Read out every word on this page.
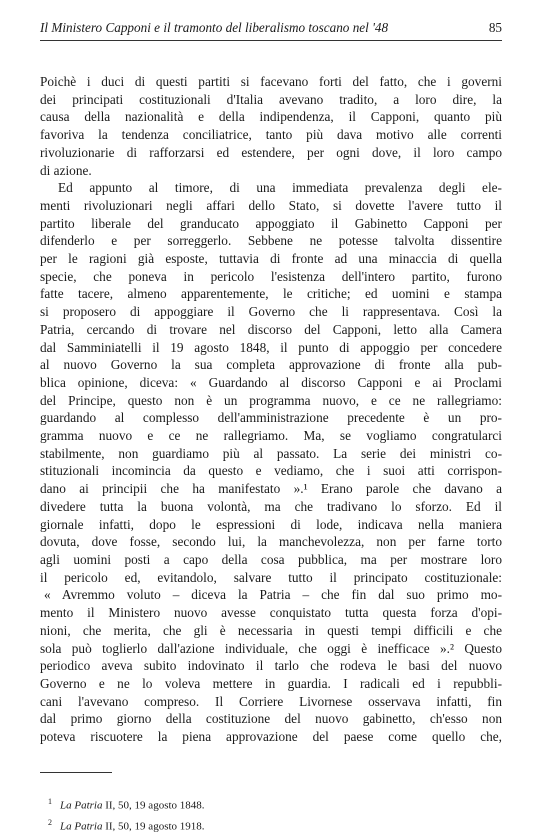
Il Ministero Capponi e il tramonto del liberalismo toscano nel '48	85
Poichè i duci di questi partiti si facevano forti del fatto, che i governi
dei principati costituzionali d'Italia avevano tradito, a loro dire, la
causa della nazionalità e della indipendenza, il Capponi, quanto più
favoriva la tendenza conciliatrice, tanto più dava motivo alle correnti
rivoluzionarie di rafforzarsi ed estendere, per ogni dove, il loro campo
di azione.
Ed appunto al timore, di una immediata prevalenza degli ele-
menti rivoluzionari negli affari dello Stato, si dovette l'avere tutto il
partito liberale del granducato appoggiato il Gabinetto Capponi per
difenderlo e per sorreggerlo. Sebbene ne potesse talvolta dissentire
per le ragioni già esposte, tuttavia di fronte ad una minaccia di quella
specie, che poneva in pericolo l'esistenza dell'intero partito, furono
fatte tacere, almeno apparentemente, le critiche; ed uomini e stampa
si proposero di appoggiare il Governo che li rappresentava. Così la
Patria, cercando di trovare nel discorso del Capponi, letto alla Camera
dal Samminiatelli il 19 agosto 1848, il punto di appoggio per concedere
al nuovo Governo la sua completa approvazione di fronte alla pub-
blica opinione, diceva: « Guardando al discorso Capponi e ai Proclami
del Principe, questo non è un programma nuovo, e ce ne rallegriamo:
guardando al complesso dell'amministrazione precedente è un pro-
gramma nuovo e ce ne rallegriamo. Ma, se vogliamo congratularci
stabilmente, non guardiamo più al passato. La serie dei ministri co-
stituzionali incomincia da questo e vediamo, che i suoi atti corrispon-
dano ai principii che ha manifestato ».¹ Erano parole che davano a
divedere tutta la buona volontà, ma che tradivano lo sforzo. Ed il
giornale infatti, dopo le espressioni di lode, indicava nella maniera
dovuta, dove fosse, secondo lui, la manchevolezza, non per farne torto
agli uomini posti a capo della cosa pubblica, ma per mostrare loro
il pericolo ed, evitandolo, salvare tutto il principato costituzionale:
« Avremmo voluto – diceva la Patria – che fin dal suo primo mo-
mento il Ministero nuovo avesse conquistato tutta questa forza d'opi-
nioni, che merita, che gli è necessaria in questi tempi difficili e che
sola può toglierlo dall'azione individuale, che oggi è inefficace ».² Questo
periodico aveva subito indovinato il tarlo che rodeva le basi del nuovo
Governo e ne lo voleva mettere in guardia. I radicali ed i repubbli-
cani l'avevano compreso. Il Corriere Livornese osservava infatti, fin
dal primo giorno della costituzione del nuovo gabinetto, ch'esso non
poteva riscuotere la piena approvazione del paese come quello che,
$^1$ La Patria II, 50, 19 agosto 1848.
$^2$ La Patria II, 50, 19 agosto 1918.
